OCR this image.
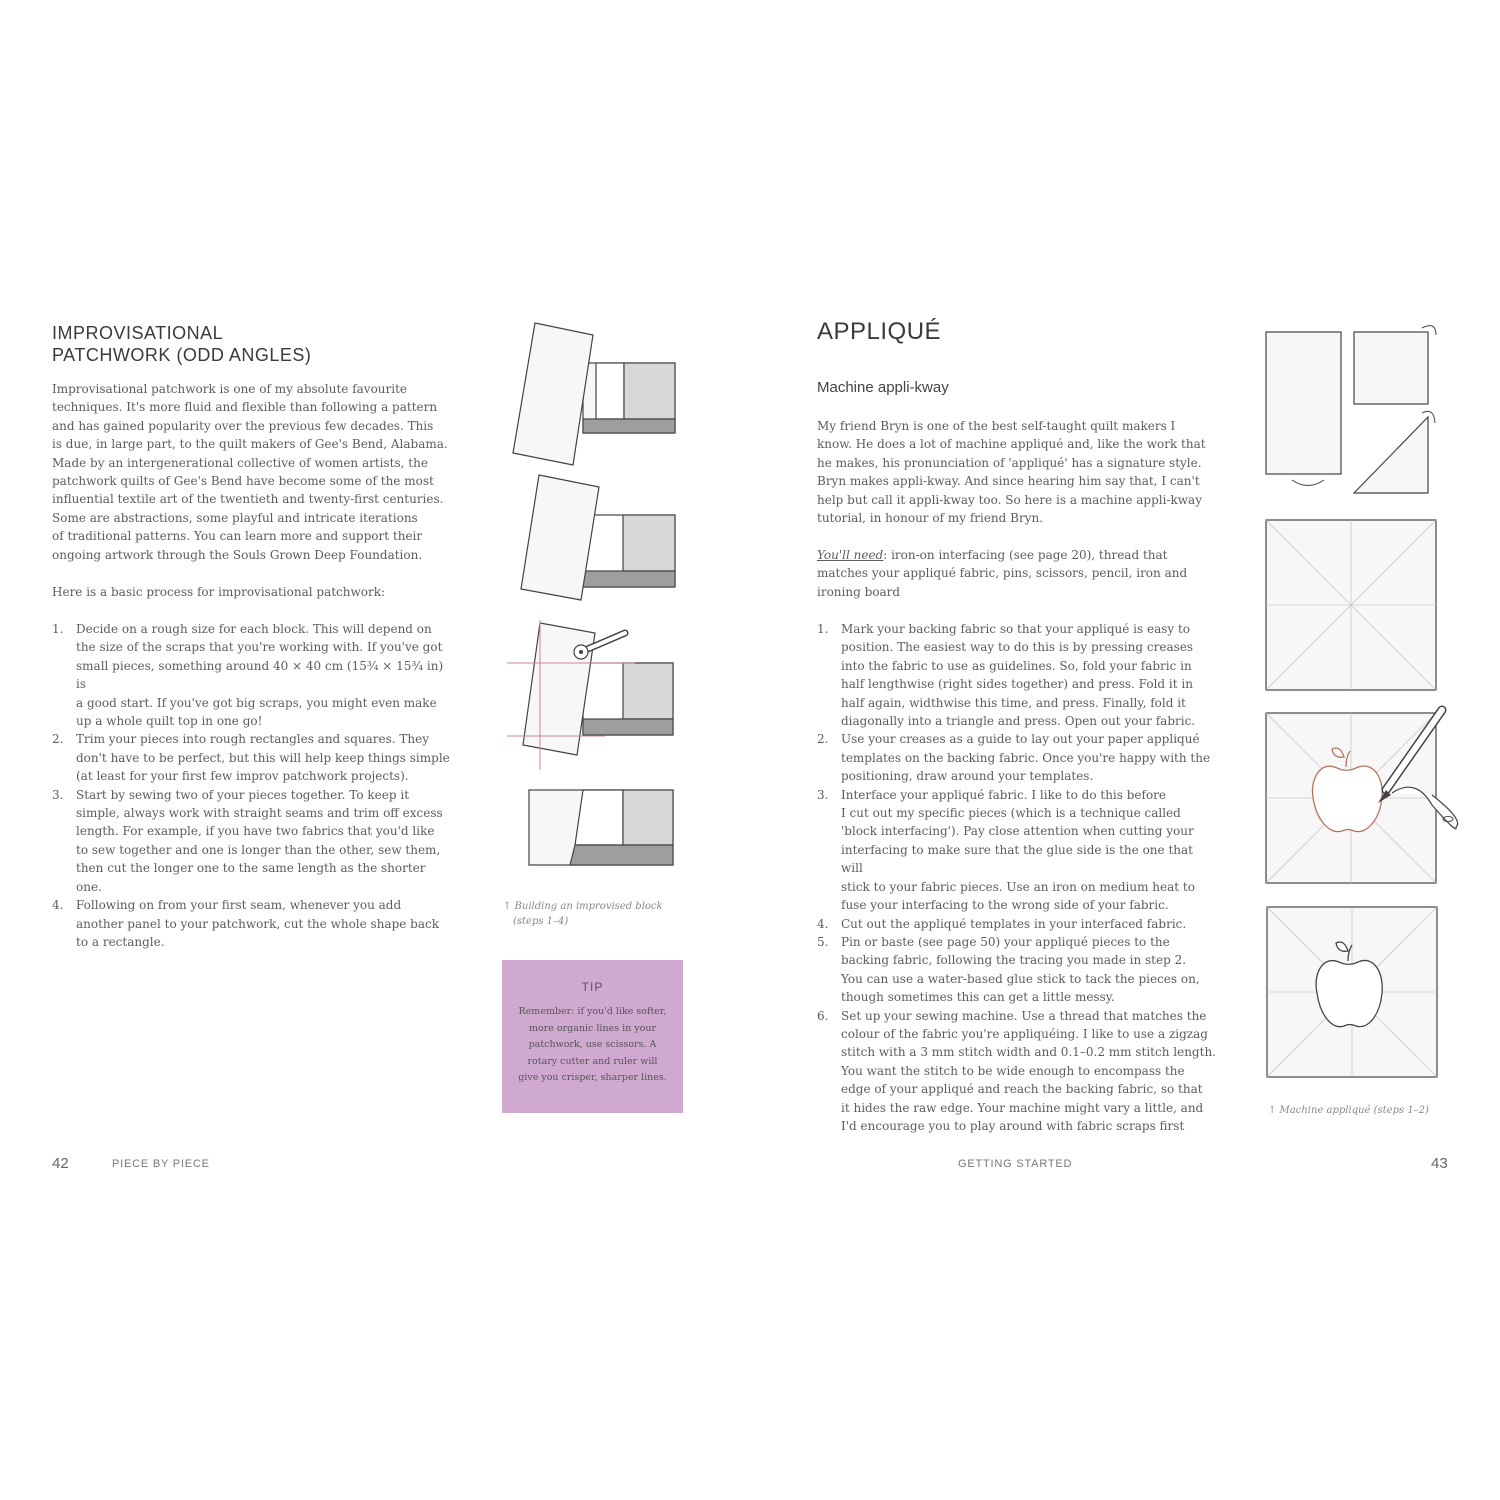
IMPROVISATIONAL
PATCHWORK (ODD ANGLES)
Improvisational patchwork is one of my absolute favourite
techniques. It's more fluid and flexible than following a pattern
and has gained popularity over the previous few decades. This
is due, in large part, to the quilt makers of Gee's Bend, Alabama.
Made by an intergenerational collective of women artists, the
patchwork quilts of Gee's Bend have become some of the most
influential textile art of the twentieth and twenty-first centuries.
Some are abstractions, some playful and intricate iterations
of traditional patterns. You can learn more and support their
ongoing artwork through the Souls Grown Deep Foundation.
Here is a basic process for improvisational patchwork:
1. Decide on a rough size for each block. This will depend on
the size of the scraps that you're working with. If you've got
small pieces, something around 40 × 40 cm (15¾ × 15¾ in) is
a good start. If you've got big scraps, you might even make
up a whole quilt top in one go!
2. Trim your pieces into rough rectangles and squares. They
don't have to be perfect, but this will help keep things simple
(at least for your first few improv patchwork projects).
3. Start by sewing two of your pieces together. To keep it
simple, always work with straight seams and trim off excess
length. For example, if you have two fabrics that you'd like
to sew together and one is longer than the other, sew them,
then cut the longer one to the same length as the shorter one.
4. Following on from your first seam, whenever you add
another panel to your patchwork, cut the whole shape back
to a rectangle.
↑ Building an improvised block
(steps 1–4)
TIP
Remember: if you'd like softer,
more organic lines in your
patchwork, use scissors. A
rotary cutter and ruler will
give you crisper, sharper lines.
42	PIECE BY PIECE
APPLIQUÉ
Machine appli-kway
My friend Bryn is one of the best self-taught quilt makers I
know. He does a lot of machine appliqué and, like the work that
he makes, his pronunciation of 'appliqué' has a signature style.
Bryn makes appli-kway. And since hearing him say that, I can't
help but call it appli-kway too. So here is a machine appli-kway
tutorial, in honour of my friend Bryn.
You'll need: iron-on interfacing (see page 20), thread that
matches your appliqué fabric, pins, scissors, pencil, iron and
ironing board
1. Mark your backing fabric so that your appliqué is easy to
position. The easiest way to do this is by pressing creases
into the fabric to use as guidelines. So, fold your fabric in
half lengthwise (right sides together) and press. Fold it in
half again, widthwise this time, and press. Finally, fold it
diagonally into a triangle and press. Open out your fabric.
2. Use your creases as a guide to lay out your paper appliqué
templates on the backing fabric. Once you're happy with the
positioning, draw around your templates.
3. Interface your appliqué fabric. I like to do this before
I cut out my specific pieces (which is a technique called
'block interfacing'). Pay close attention when cutting your
interfacing to make sure that the glue side is the one that will
stick to your fabric pieces. Use an iron on medium heat to
fuse your interfacing to the wrong side of your fabric.
4. Cut out the appliqué templates in your interfaced fabric.
5. Pin or baste (see page 50) your appliqué pieces to the
backing fabric, following the tracing you made in step 2.
You can use a water-based glue stick to tack the pieces on,
though sometimes this can get a little messy.
6. Set up your sewing machine. Use a thread that matches the
colour of the fabric you're appliquéing. I like to use a zigzag
stitch with a 3 mm stitch width and 0.1–0.2 mm stitch length.
You want the stitch to be wide enough to encompass the
edge of your appliqué and reach the backing fabric, so that
it hides the raw edge. Your machine might vary a little, and
I'd encourage you to play around with fabric scraps first
↑ Machine appliqué (steps 1–2)
GETTING STARTED	43
